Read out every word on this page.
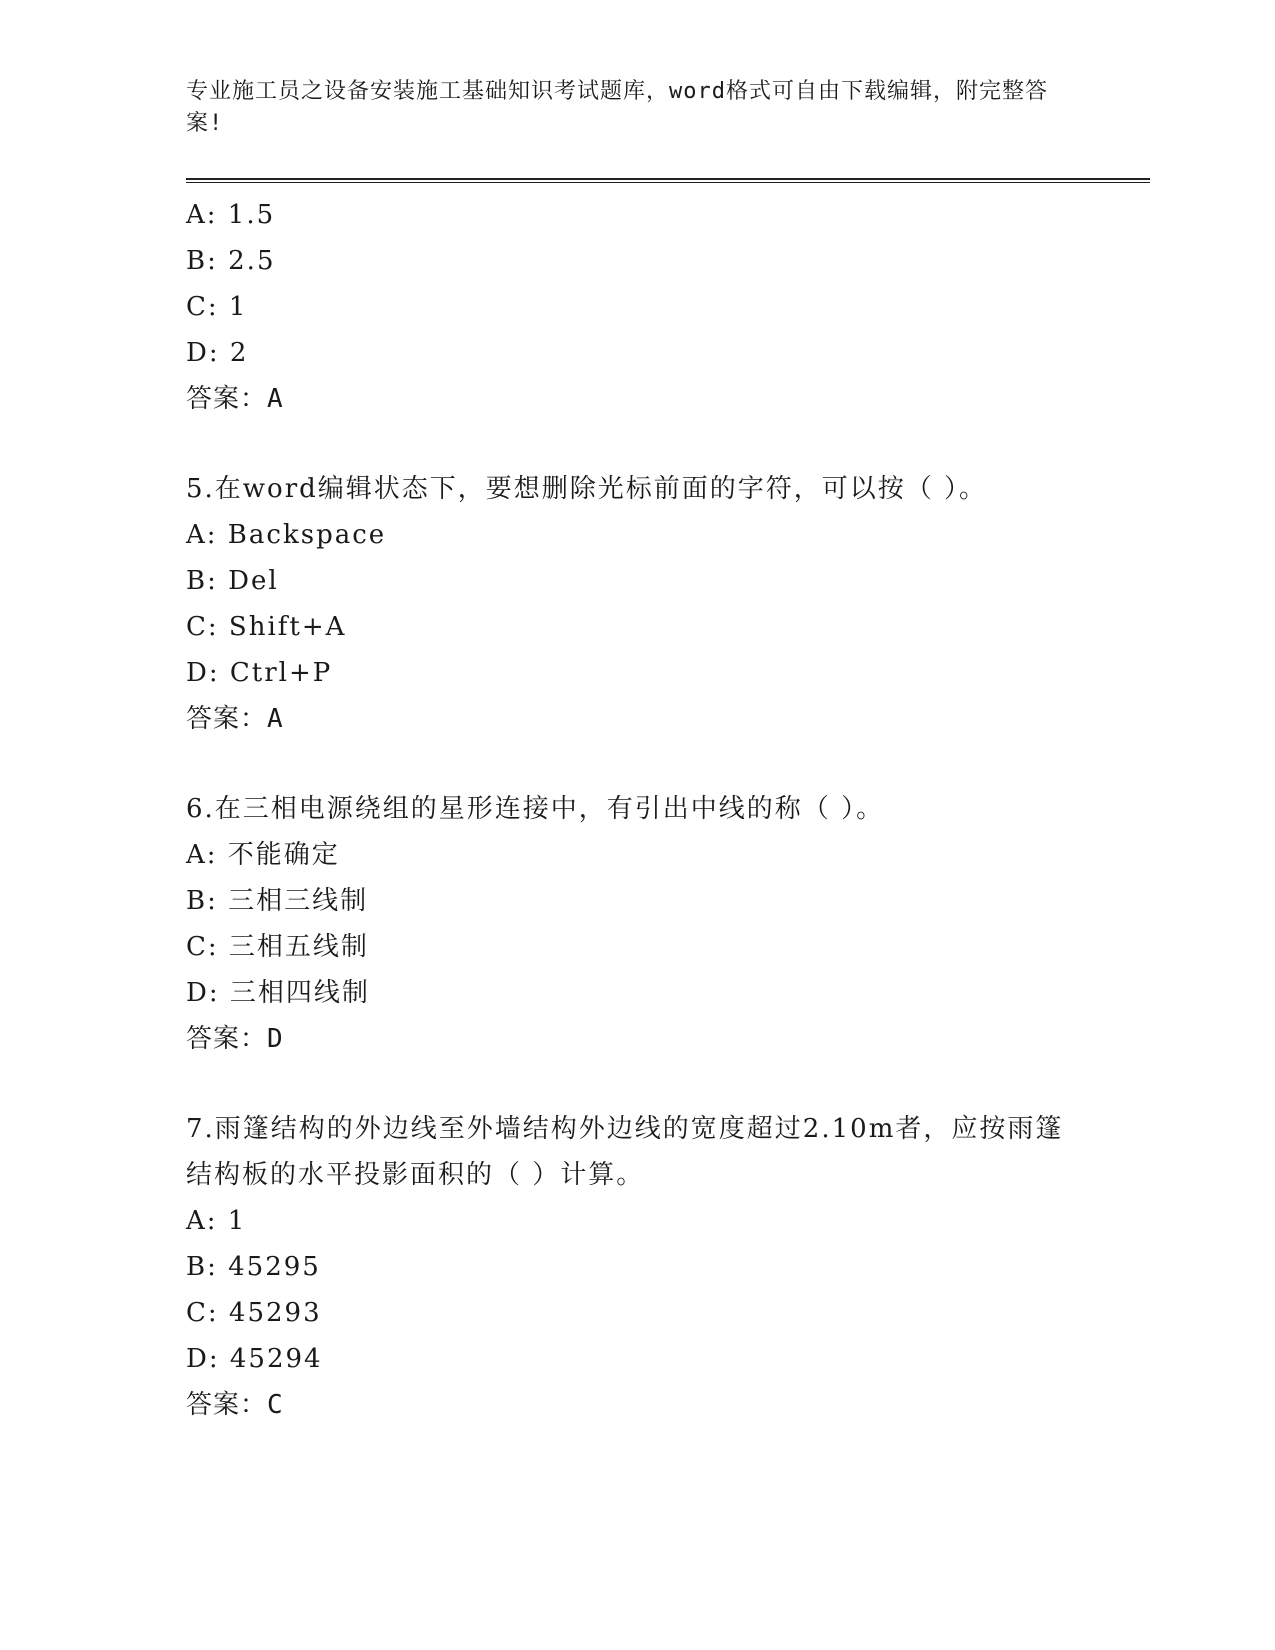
专业施工员之设备安装施工基础知识考试题库，word格式可自由下载编辑，附完整答案!
A: 1.5
B: 2.5
C: 1
D: 2
答案：A
5.在word编辑状态下，要想删除光标前面的字符，可以按（ ）。
A: Backspace
B: Del
C: Shift+A
D: Ctrl+P
答案：A
6.在三相电源绕组的星形连接中，有引出中线的称（ ）。
A: 不能确定
B: 三相三线制
C: 三相五线制
D: 三相四线制
答案：D
7.雨篷结构的外边线至外墙结构外边线的宽度超过2.10m者，应按雨篷结构板的水平投影面积的（ ）计算。
A: 1
B: 45295
C: 45293
D: 45294
答案：C
